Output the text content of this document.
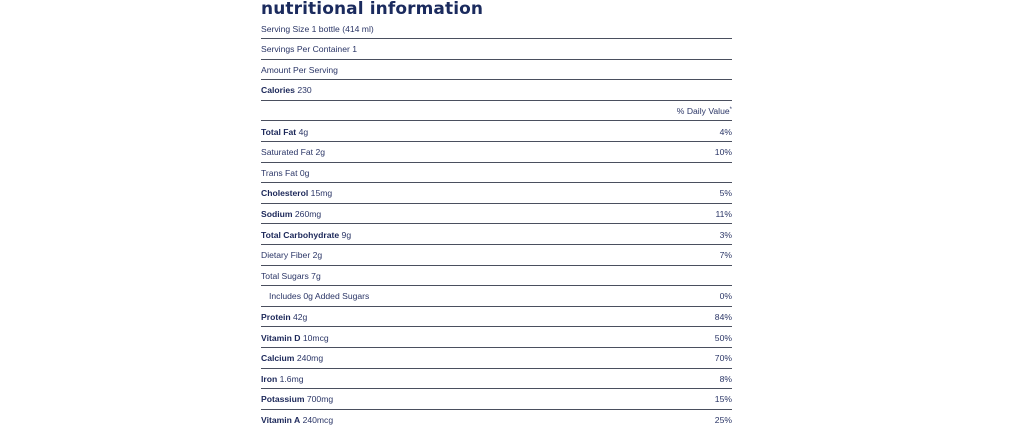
nutritional information
Serving Size 1 bottle (414 ml)
Servings Per Container 1
Amount Per Serving
Calories 230
% Daily Value*
Total Fat 4g	4%
Saturated Fat 2g	10%
Trans Fat 0g
Cholesterol 15mg	5%
Sodium 260mg	11%
Total Carbohydrate 9g	3%
Dietary Fiber 2g	7%
Total Sugars 7g
Includes 0g Added Sugars	0%
Protein 42g	84%
Vitamin D 10mcg	50%
Calcium 240mg	70%
Iron 1.6mg	8%
Potassium 700mg	15%
Vitamin A 240mcg	25%
